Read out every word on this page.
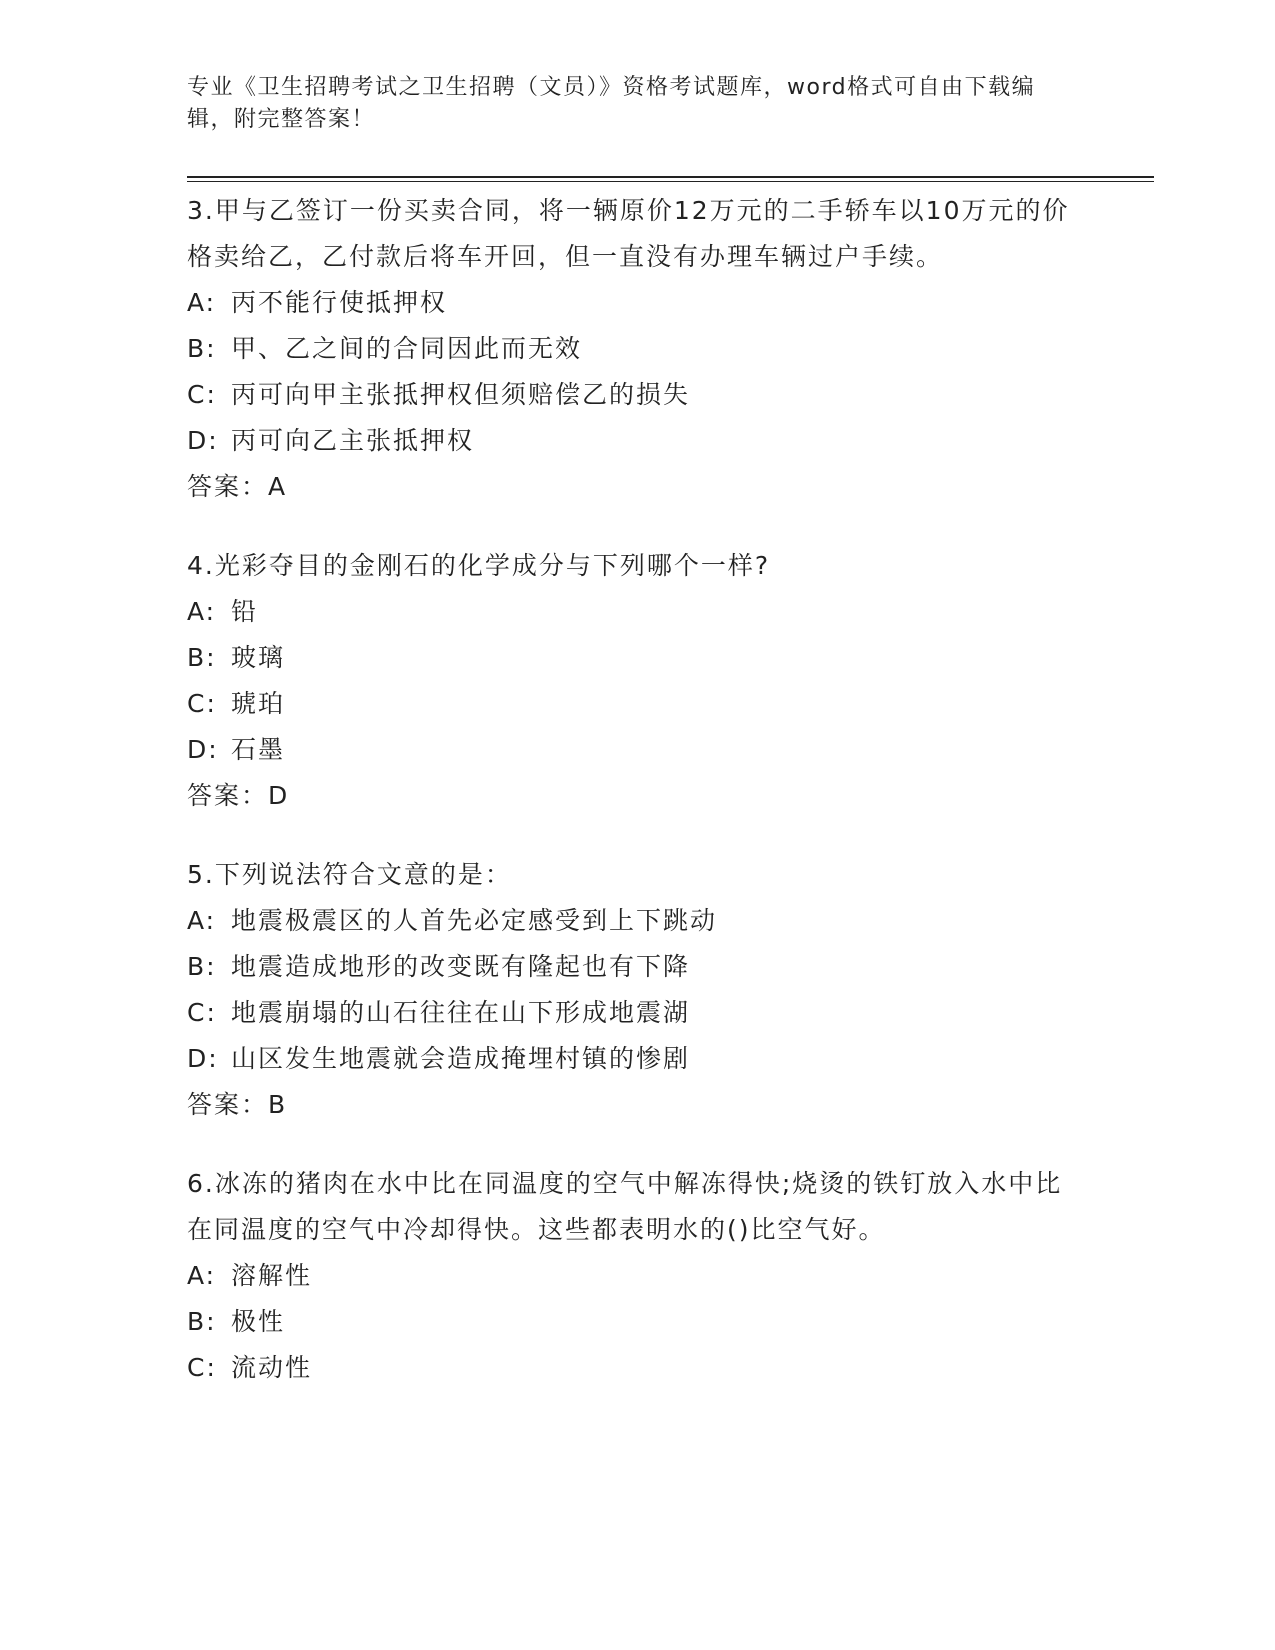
专业《卫生招聘考试之卫生招聘（文员）》资格考试题库，word格式可自由下载编辑，附完整答案！

3.甲与乙签订一份买卖合同，将一辆原价12万元的二手轿车以10万元的价格卖给乙，乙付款后将车开回，但一直没有办理车辆过户手续。

A: 丙不能行使抵押权

B: 甲、乙之间的合同因此而无效

C: 丙可向甲主张抵押权但须赔偿乙的损失

D: 丙可向乙主张抵押权

答案：A

4.光彩夺目的金刚石的化学成分与下列哪个一样?

A: 铅

B: 玻璃

C: 琥珀

D: 石墨

答案：D

5.下列说法符合文意的是：

A: 地震极震区的人首先必定感受到上下跳动

B: 地震造成地形的改变既有隆起也有下降

C: 地震崩塌的山石往往在山下形成地震湖

D: 山区发生地震就会造成掩埋村镇的惨剧

答案：B

6.冰冻的猪肉在水中比在同温度的空气中解冻得快;烧烫的铁钉放入水中比在同温度的空气中冷却得快。这些都表明水的()比空气好。

A: 溶解性

B: 极性

C: 流动性
